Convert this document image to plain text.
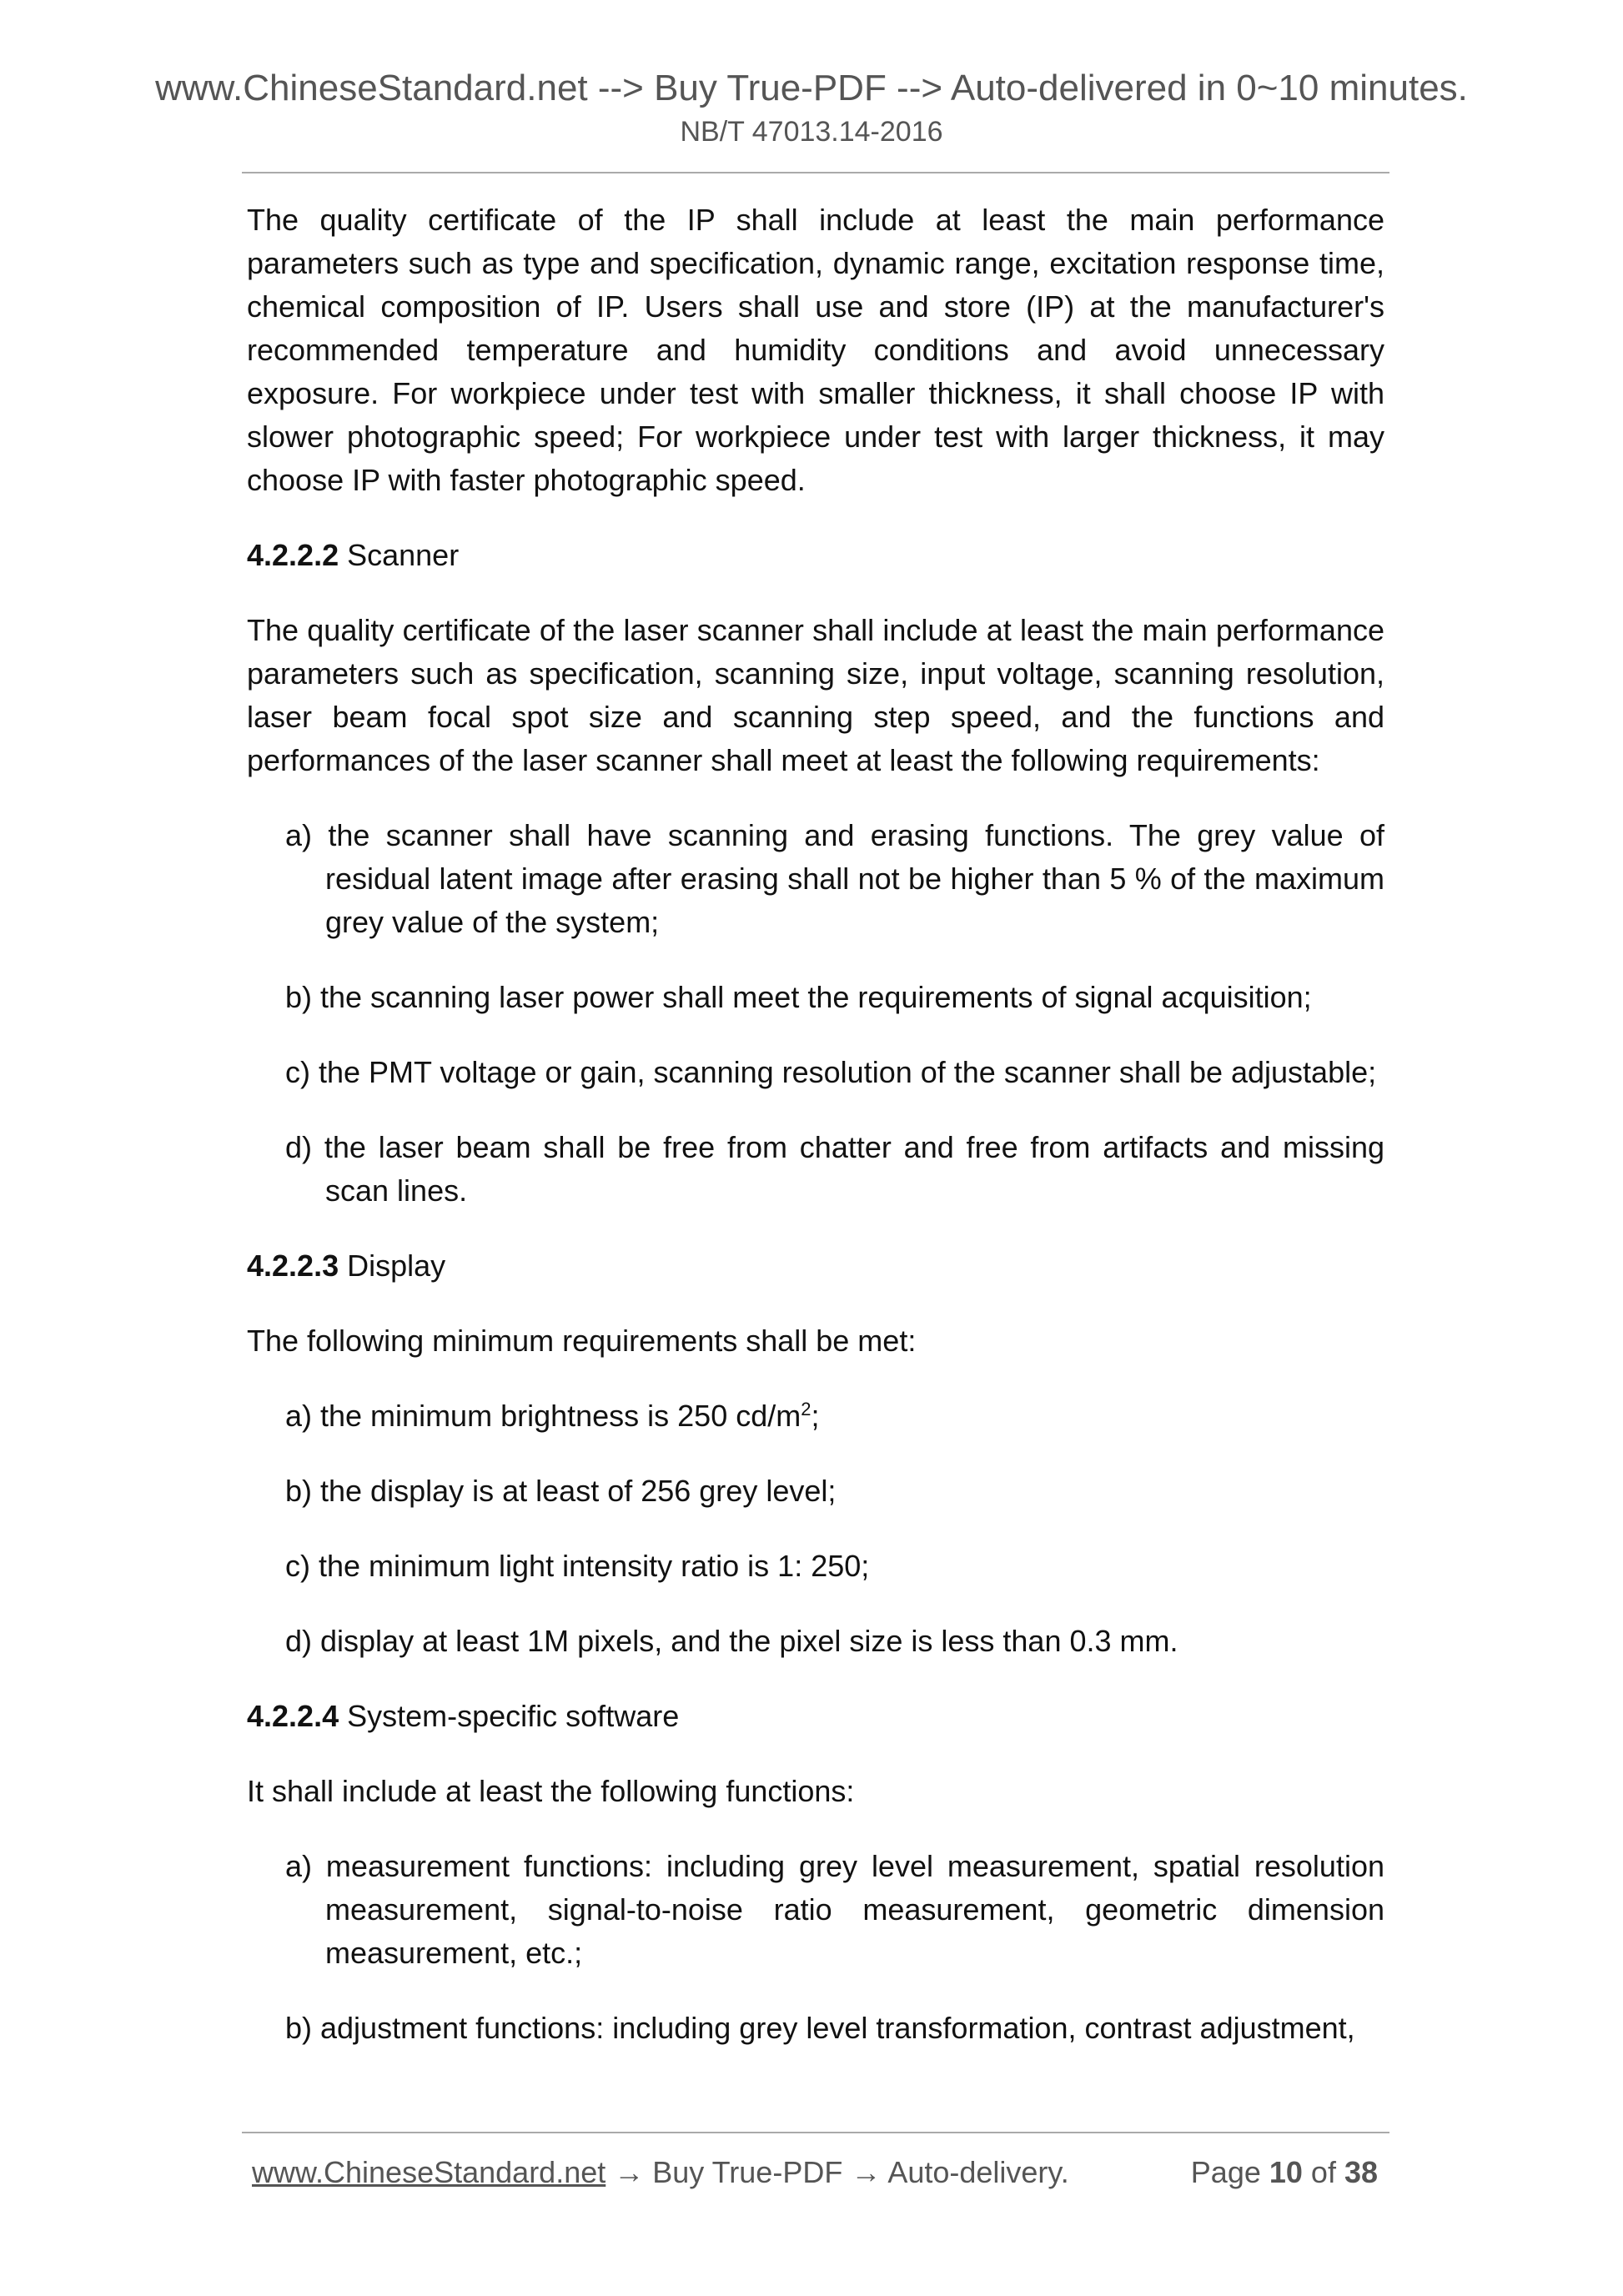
www.ChineseStandard.net --> Buy True-PDF --> Auto-delivered in 0~10 minutes.
NB/T 47013.14-2016

The quality certificate of the IP shall include at least the main performance parameters such as type and specification, dynamic range, excitation response time, chemical composition of IP. Users shall use and store (IP) at the manufacturer's recommended temperature and humidity conditions and avoid unnecessary exposure. For workpiece under test with smaller thickness, it shall choose IP with slower photographic speed; For workpiece under test with larger thickness, it may choose IP with faster photographic speed.

4.2.2.2 Scanner

The quality certificate of the laser scanner shall include at least the main performance parameters such as specification, scanning size, input voltage, scanning resolution, laser beam focal spot size and scanning step speed, and the functions and performances of the laser scanner shall meet at least the following requirements:

a) the scanner shall have scanning and erasing functions. The grey value of residual latent image after erasing shall not be higher than 5 % of the maximum grey value of the system;
b) the scanning laser power shall meet the requirements of signal acquisition;
c) the PMT voltage or gain, scanning resolution of the scanner shall be adjustable;
d) the laser beam shall be free from chatter and free from artifacts and missing scan lines.
4.2.2.3 Display

The following minimum requirements shall be met:

a) the minimum brightness is 250 $cd/m^2$;
b) the display is at least of 256 grey level;
c) the minimum light intensity ratio is 1: 250;
d) display at least 1M pixels, and the pixel size is less than 0.3 mm.
4.2.2.4 System-specific software

It shall include at least the following functions:

a) measurement functions: including grey level measurement, spatial resolution measurement, signal-to-noise ratio measurement, geometric dimension measurement, etc.;
b) adjustment functions: including grey level transformation, contrast adjustment,
www.ChineseStandard.net → Buy True-PDF → Auto-delivery.	Page 10 of 38
